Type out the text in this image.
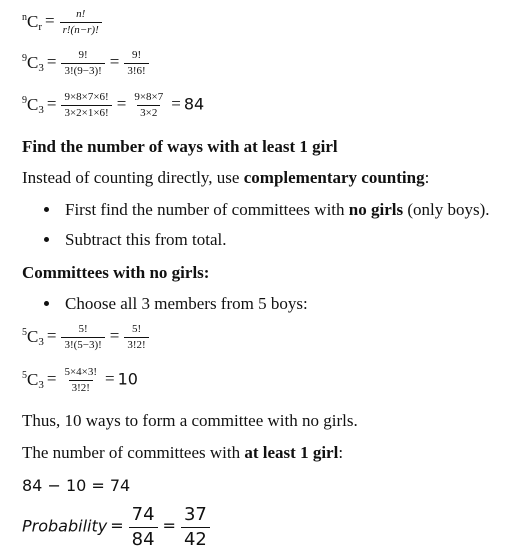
$^nC_r = \frac{n!}{r!(n-r)!}$
$^9C_3 = \frac{9!}{3!(9-3)!} = \frac{9!}{3!6!}$
$^9C_3 = \frac{9\times 8\times 7\times 6!}{3\times 2\times 1\times 6!} = \frac{9\times 8\times 7}{3\times 2} = 84$
Find the number of ways with at least 1 girl
Instead of counting directly, use complementary counting:
First find the number of committees with no girls (only boys).
Subtract this from total.
Committees with no girls:
Choose all 3 members from 5 boys:
$^5C_3 = \frac{5!}{3!(5-3)!} = \frac{5!}{3!2!}$
$^5C_3 = \frac{5\times 4\times 3!}{3!2!} = 10$
Thus, 10 ways to form a committee with no girls.
The number of committees with at least 1 girl:
84 − 10 = 74
Probability = $\frac{74}{84} = \frac{37}{42}$
